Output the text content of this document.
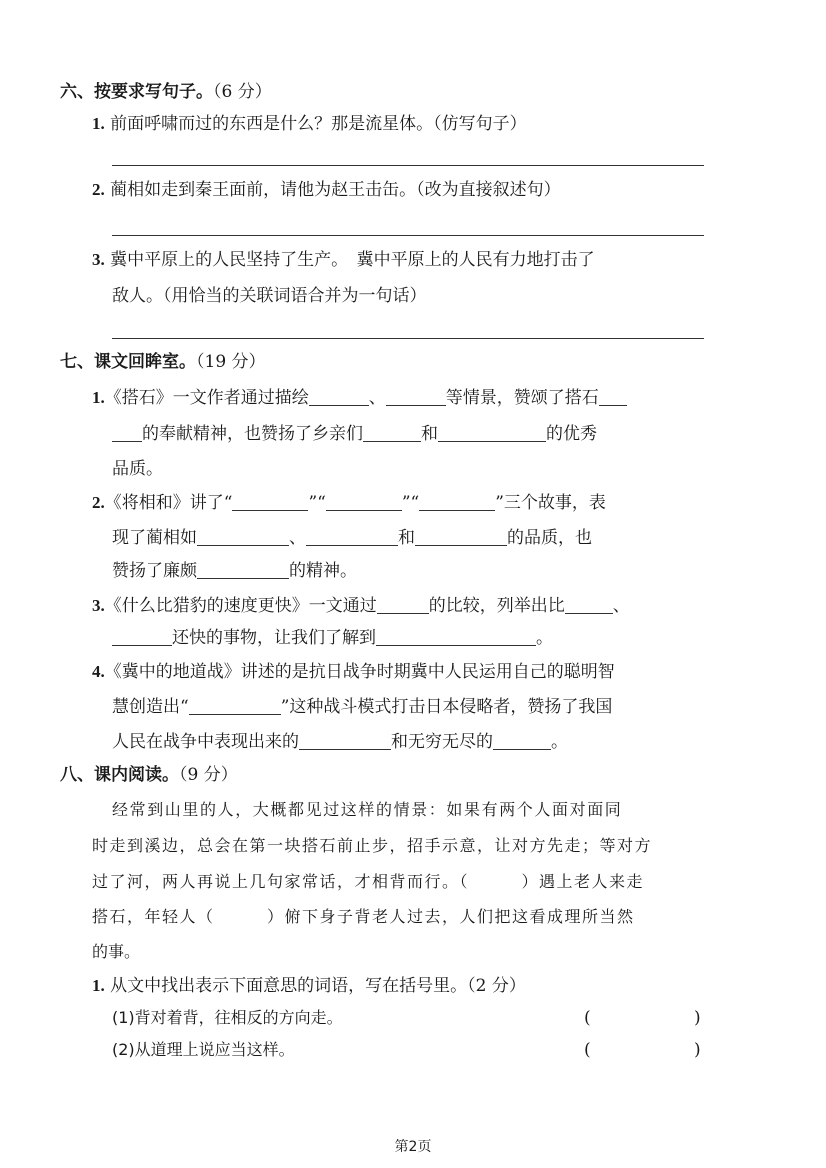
六、按要求写句子。（6 分）
1. 前面呼啸而过的东西是什么？那是流星体。（仿写句子）
2. 蔺相如走到秦王面前，请他为赵王击缶。（改为直接叙述句）
3. 冀中平原上的人民坚持了生产。　冀中平原上的人民有力地打击了
敌人。（用恰当的关联词语合并为一句话）
七、课文回眸室。（19 分）
1.《搭石》一文作者通过描绘	、	等情景，赞颂了搭石
的奉献精神，也赞扬了乡亲们	和	的优秀
品质。
2.《将相和》讲了“	”“	”“	”三个故事，表
现了蔺相如	、	和	的品质，也
赞扬了廉颇	的精神。
3.《什么比猎豹的速度更快》一文通过	的比较，列举出比	、
还快的事物，让我们了解到	。
4.《冀中的地道战》讲述的是抗日战争时期冀中人民运用自己的聪明智
慧创造出“	”这种战斗模式打击日本侵略者，赞扬了我国
人民在战争中表现出来的	和无穷无尽的	。
八、课内阅读。（9 分）
经常到山里的人，大概都见过这样的情景：如果有两个人面对面同
时走到溪边，总会在第一块搭石前止步，招手示意，让对方先走；等对方
过了河，两人再说上几句家常话，才相背而行。（　　　）遇上老人来走
搭石，年轻人（　　　）俯下身子背老人过去，人们把这看成理所当然
的事。
1. 从文中找出表示下面意思的词语，写在括号里。（2 分）
(1)背对着背，往相反的方向走。	(	)
(2)从道理上说应当这样。	(	)
第2页
